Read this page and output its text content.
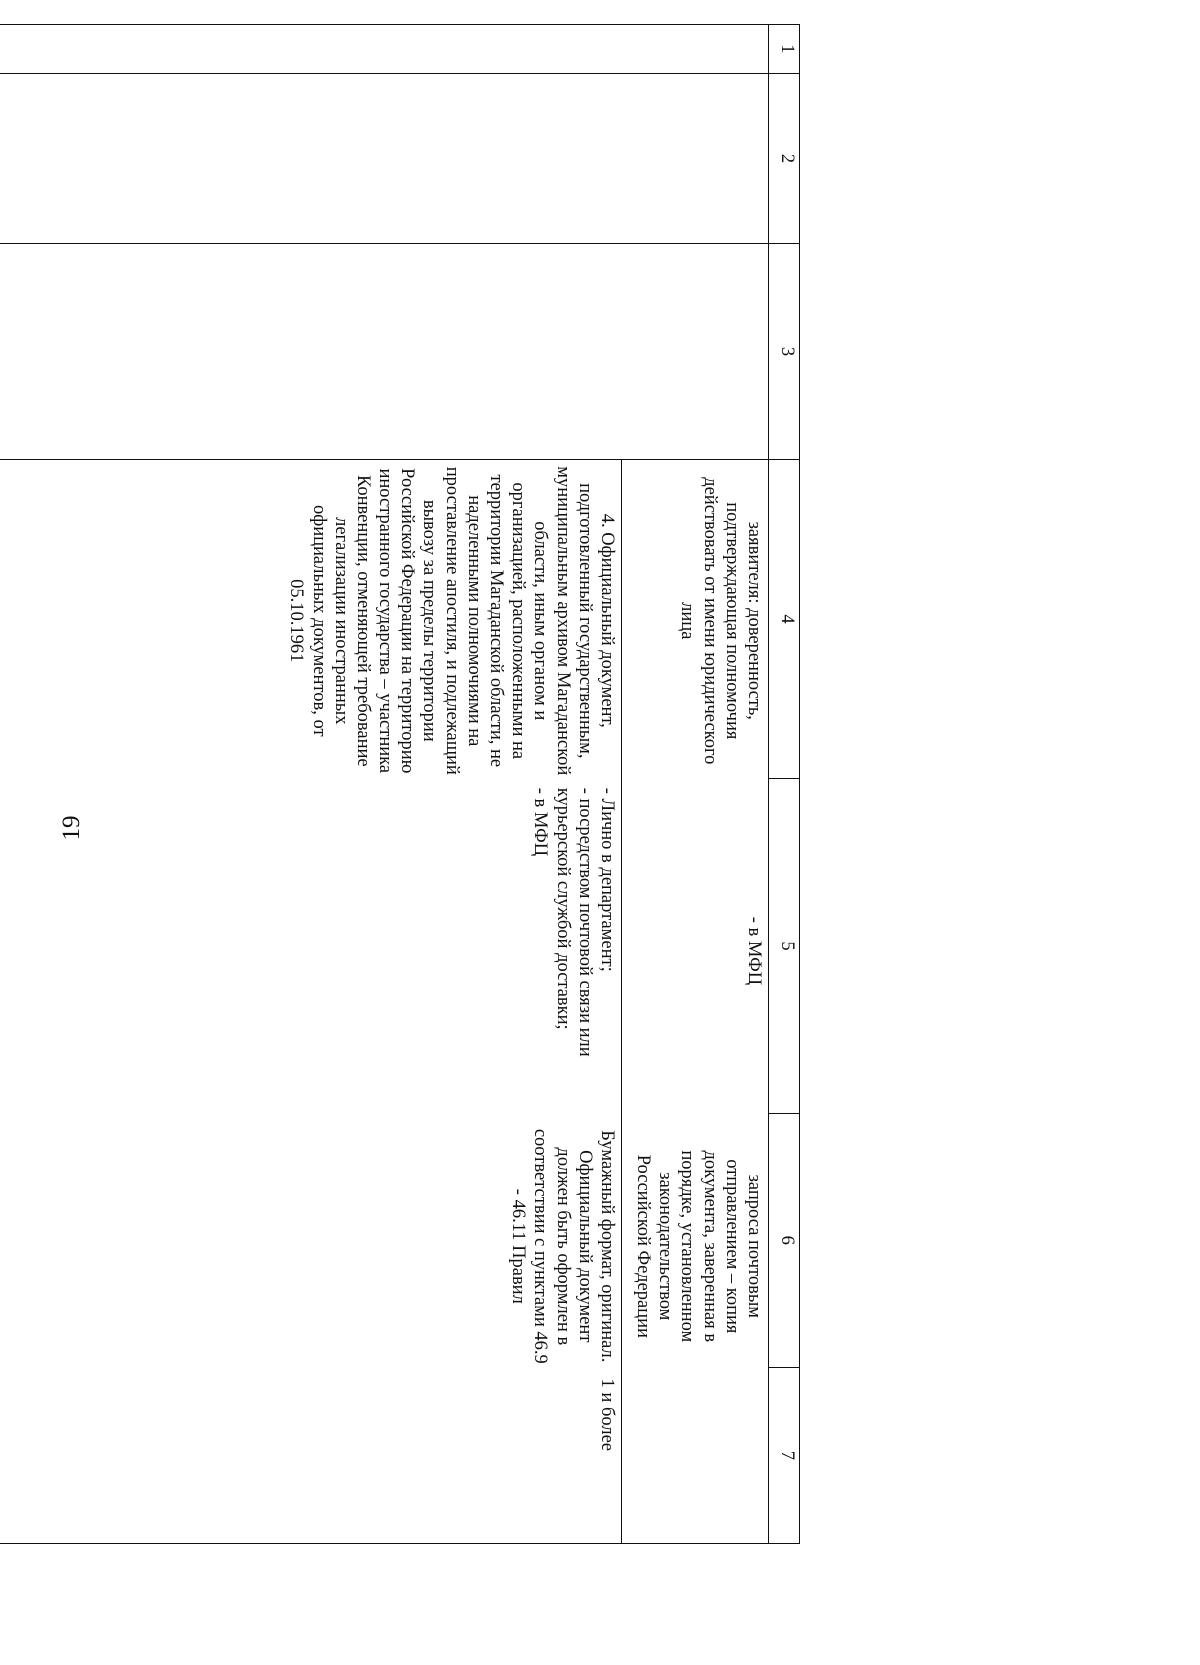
19
1	2	3	4	5	6	7

заявителя: доверенность, подтверждающая полномочия действовать от имени юридического лица	- в МФЦ	запроса почтовым отправлением – копия документа, заверенная в порядке, установленном законодательством Российской Федерации	
4. Официальный документ, подготовленный государственным, муниципальным архивом Магаданской области, иным органом и организацией, расположенными на территории Магаданской области, не наделенными полномочиями на проставление апостиля, и подлежащий вывозу за пределы территории Российской Федерации на территорию иностранного государства – участника Конвенции, отменяющей требование легализации иностранных официальных документов, от 05.10.1961	- Лично в департамент;
- посредством почтовой связи или курьерской службой доставки;
- в МФЦ	Бумажный формат, оригинал. Официальный документ должен быть оформлен в соответствии с пунктами 46.9 - 46.11 Правил	1 и более
